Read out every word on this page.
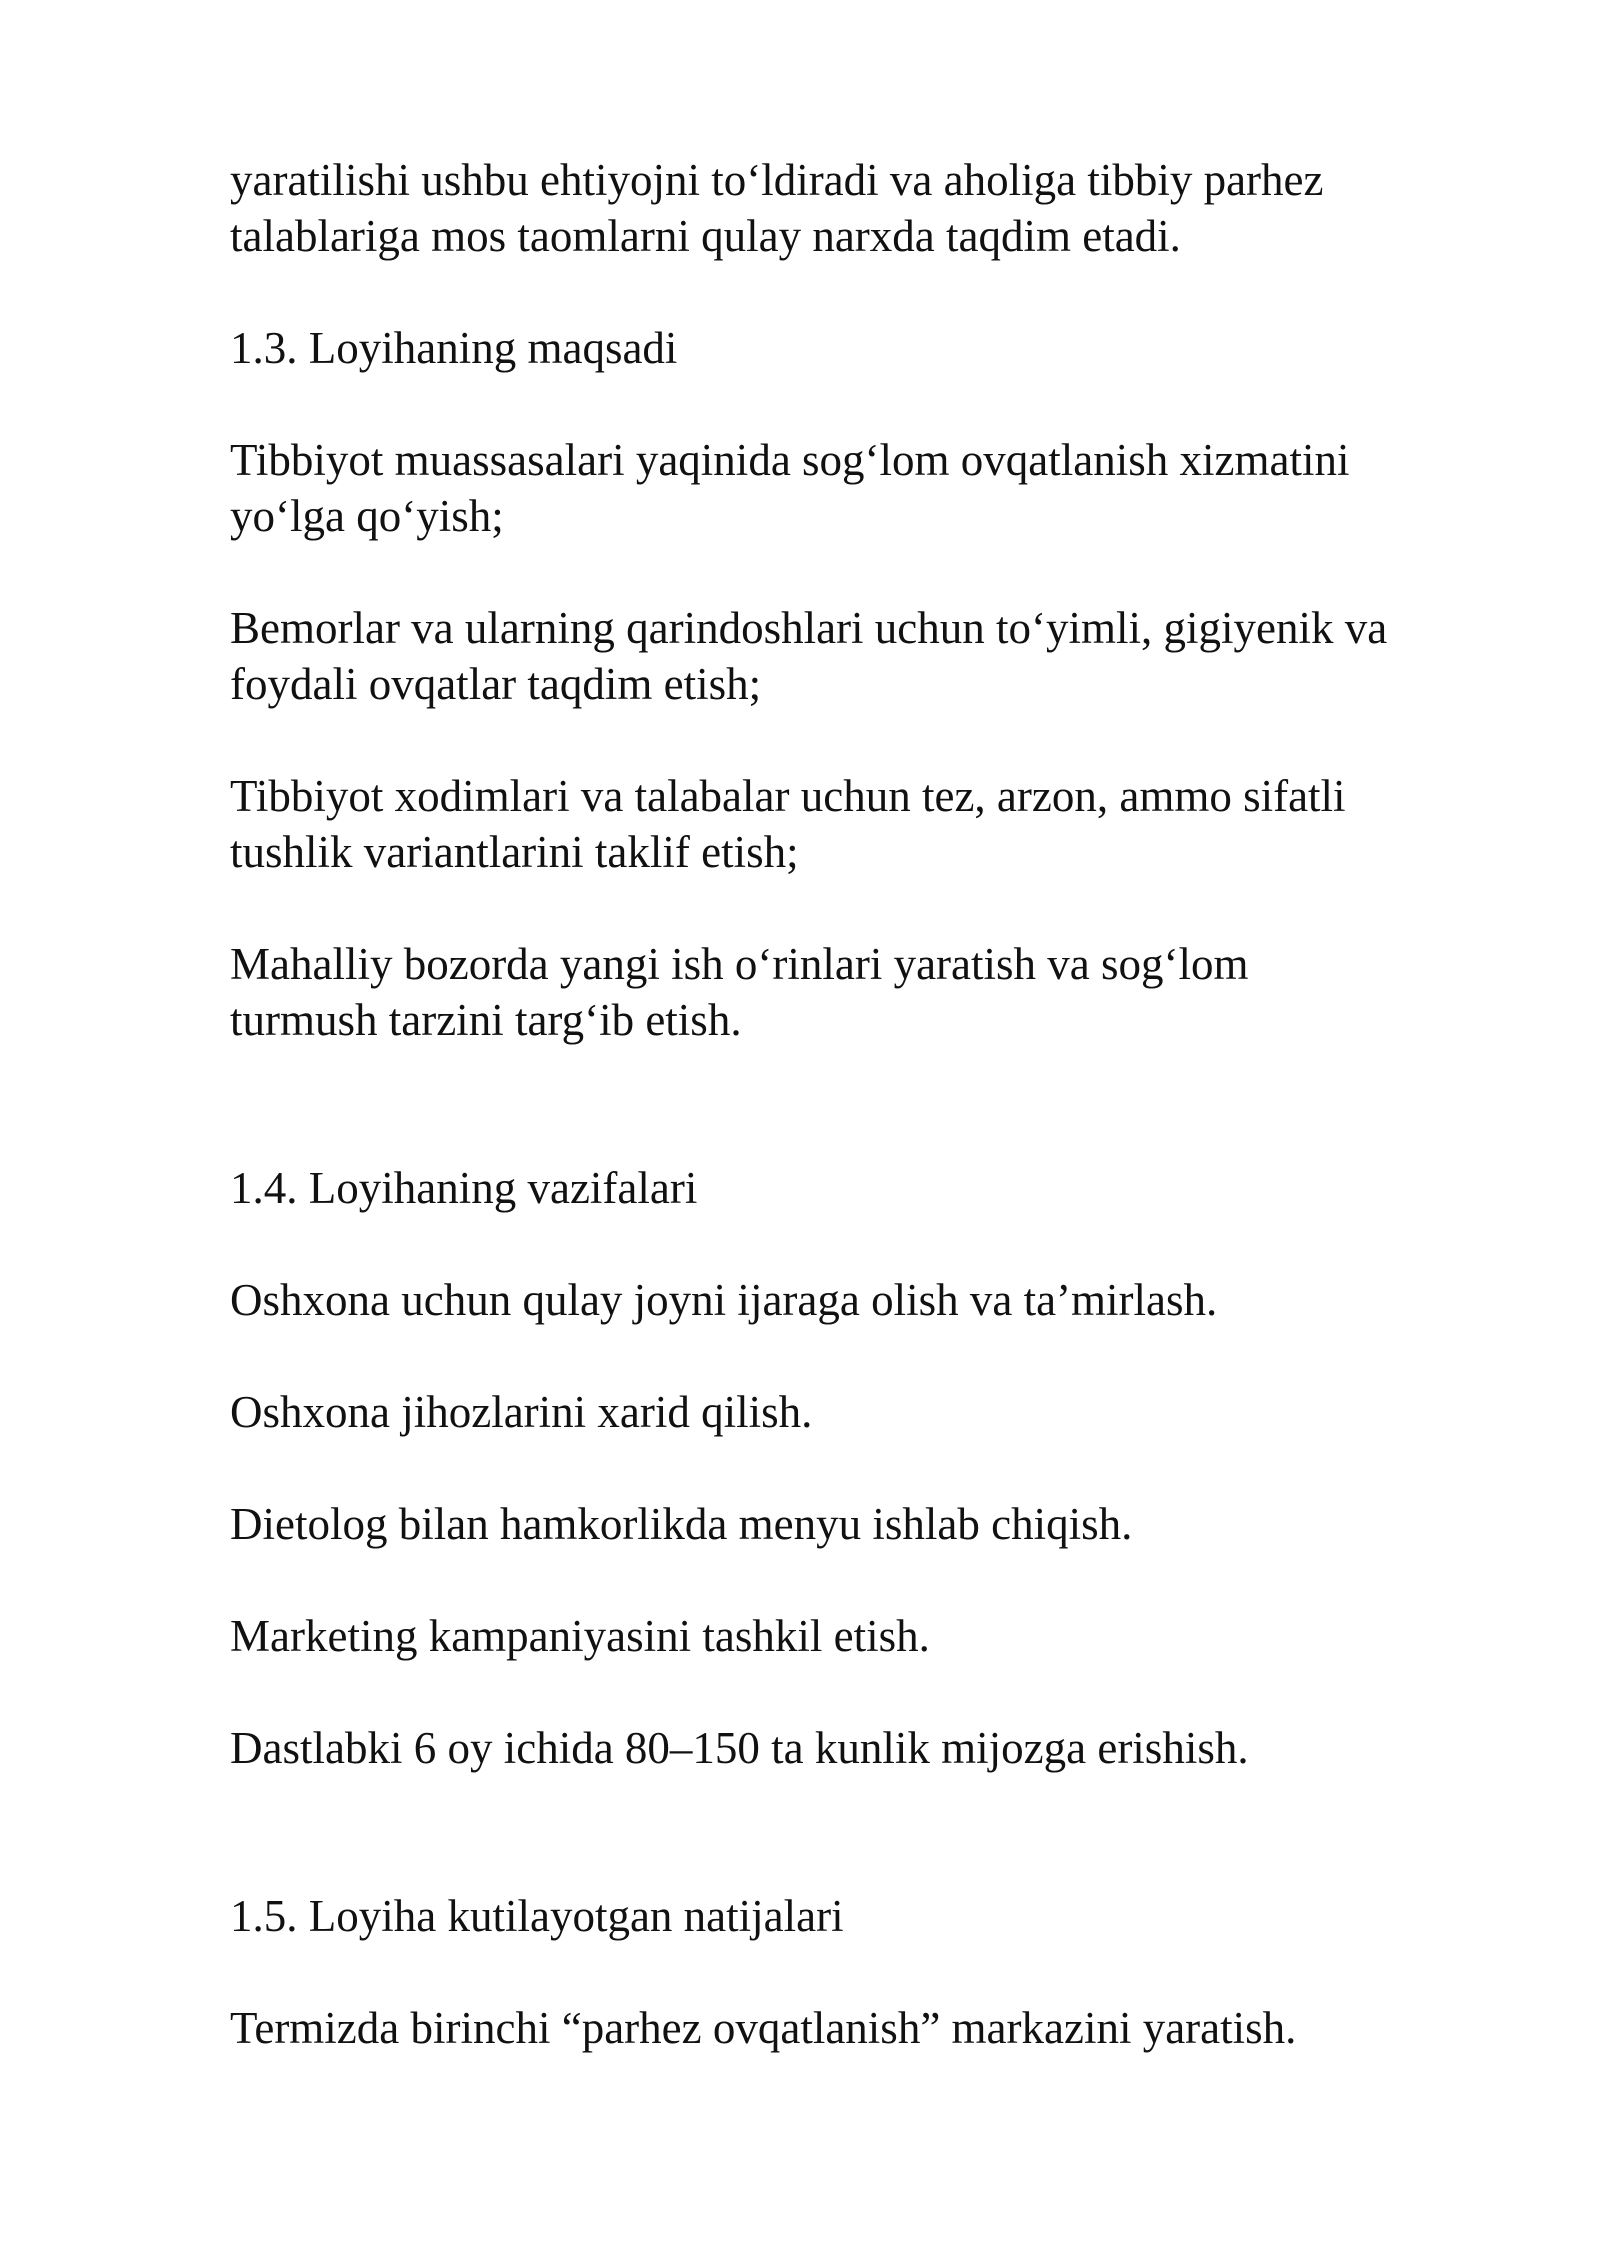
yaratilishi ushbu ehtiyojni to‘ldiradi va aholiga tibbiy parhez
talablariga mos taomlarni qulay narxda taqdim etadi.

1.3. Loyihaning maqsadi

Tibbiyot muassasalari yaqinida sog‘lom ovqatlanish xizmatini
yo‘lga qo‘yish;

Bemorlar va ularning qarindoshlari uchun to‘yimli, gigiyenik va
foydali ovqatlar taqdim etish;

Tibbiyot xodimlari va talabalar uchun tez, arzon, ammo sifatli
tushlik variantlarini taklif etish;

Mahalliy bozorda yangi ish o‘rinlari yaratish va sog‘lom
turmush tarzini targ‘ib etish.

1.4. Loyihaning vazifalari

Oshxona uchun qulay joyni ijaraga olish va ta’mirlash.

Oshxona jihozlarini xarid qilish.

Dietolog bilan hamkorlikda menyu ishlab chiqish.

Marketing kampaniyasini tashkil etish.

Dastlabki 6 oy ichida 80–150 ta kunlik mijozga erishish.

1.5. Loyiha kutilayotgan natijalari

Termizda birinchi “parhez ovqatlanish” markazini yaratish.
